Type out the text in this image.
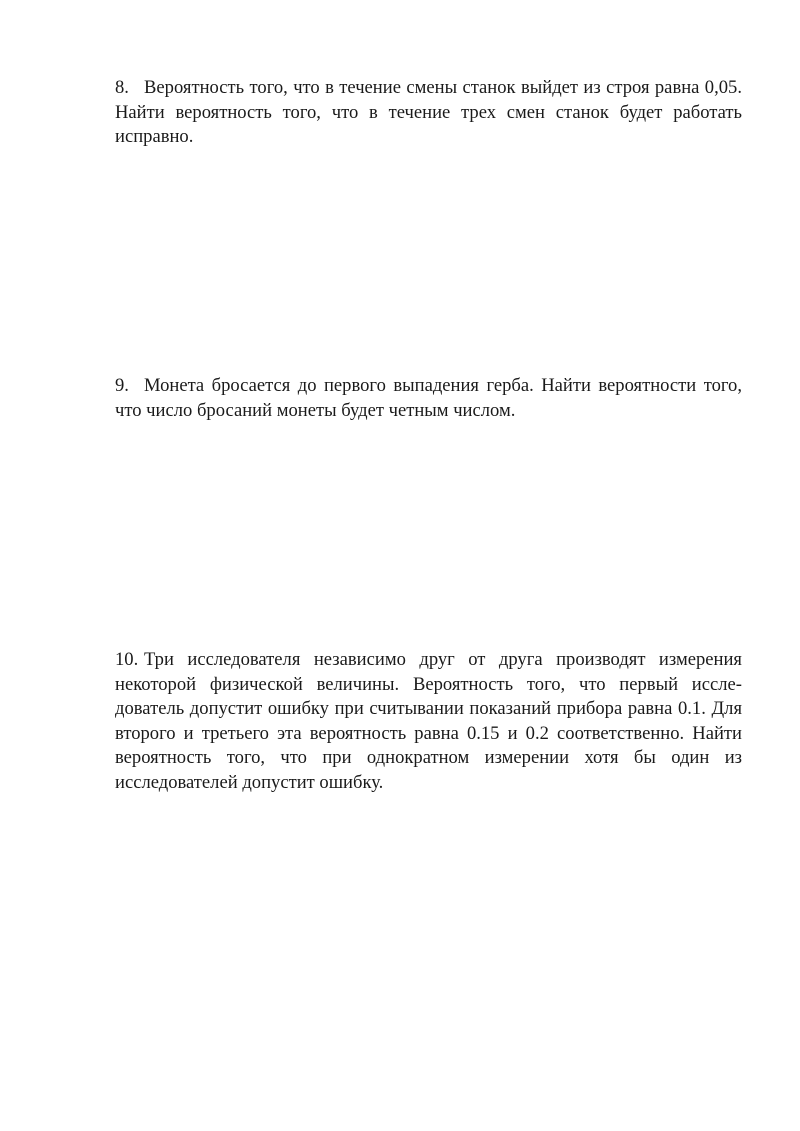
8. Вероятность того, что в течение смены станок выйдет из строя равна 0,05.
Найти вероятность того, что в течение трех смен станок будет работать
исправно.
9. Монета бросается до первого выпадения герба. Найти вероятности того,
что число бросаний монеты будет четным числом.
10. Три исследователя независимо друг от друга производят измерения
некоторой физической величины. Вероятность того, что первый иссле-
дователь допустит ошибку при считывании показаний прибора равна 0.1. Для
второго и третьего эта вероятность равна 0.15 и 0.2 соответственно. Найти
вероятность того, что при однократном измерении хотя бы один из
исследователей допустит ошибку.
